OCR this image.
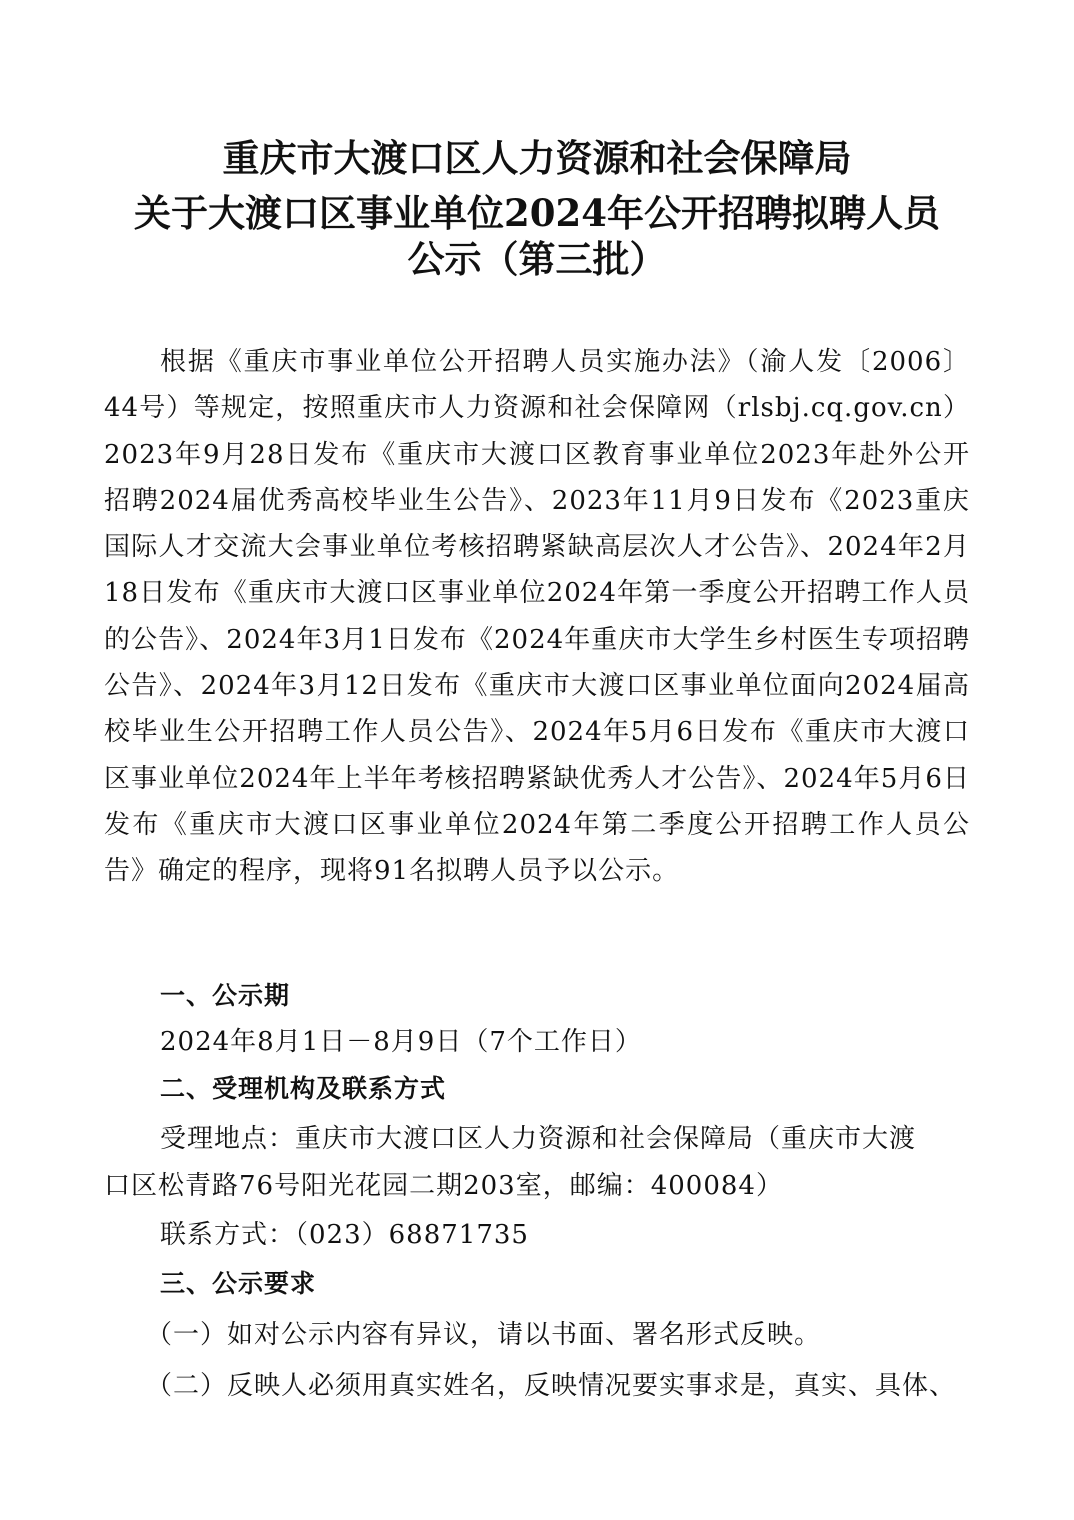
重庆市大渡口区人力资源和社会保障局
关于大渡口区事业单位2024年公开招聘拟聘人员
公示（第三批）

根据《重庆市事业单位公开招聘人员实施办法》（渝人发〔2006〕44号）等规定，按照重庆市人力资源和社会保障网（rlsbj.cq.gov.cn）2023年9月28日发布《重庆市大渡口区教育事业单位2023年赴外公开招聘2024届优秀高校毕业生公告》、2023年11月9日发布《2023重庆国际人才交流大会事业单位考核招聘紧缺高层次人才公告》、2024年2月18日发布《重庆市大渡口区事业单位2024年第一季度公开招聘工作人员的公告》、2024年3月1日发布《2024年重庆市大学生乡村医生专项招聘公告》、2024年3月12日发布《重庆市大渡口区事业单位面向2024届高校毕业生公开招聘工作人员公告》、2024年5月6日发布《重庆市大渡口区事业单位2024年上半年考核招聘紧缺优秀人才公告》、2024年5月6日发布《重庆市大渡口区事业单位2024年第二季度公开招聘工作人员公告》确定的程序，现将91名拟聘人员予以公示。

一、公示期
2024年8月1日－8月9日（7个工作日）
二、受理机构及联系方式
受理地点：重庆市大渡口区人力资源和社会保障局（重庆市大渡
口区松青路76号阳光花园二期203室，邮编：400084）
联系方式：（023）68871735
三、公示要求
（一）如对公示内容有异议，请以书面、署名形式反映。
（二）反映人必须用真实姓名，反映情况要实事求是，真实、具体、
